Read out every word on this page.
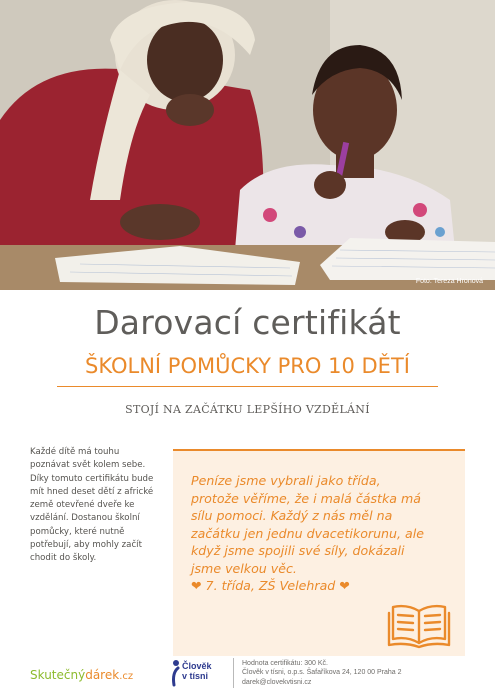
Foto: Tereza Hronová
Darovací certifikát
ŠKOLNÍ POMŮCKY PRO 10 DĚTÍ
STOJÍ NA ZAČÁTKU LEPŠÍHO VZDĚLÁNÍ
Každé dítě má touhu
poznávat svět kolem sebe.
Díky tomuto certifikátu bude
mít hned deset dětí z africké
země otevřené dveře ke
vzdělání. Dostanou školní
pomůcky, které nutně
potřebují, aby mohly začít
chodit do školy.
Peníze jsme vybrali jako třída,
protože věříme, že i malá částka má
sílu pomoci. Každý z nás měl na
začátku jen jednu dvacetikorunu, ale
když jsme spojili své síly, dokázali
jsme velkou věc.
❤ 7. třída, ZŠ Velehrad ❤
Skutečnýdárek.cz
Člověk
v tísni
Hodnota certifikátu: 300 Kč.
Člověk v tísni, o.p.s. Šafaříkova 24, 120 00 Praha 2
darek@clovekvtisni.cz
